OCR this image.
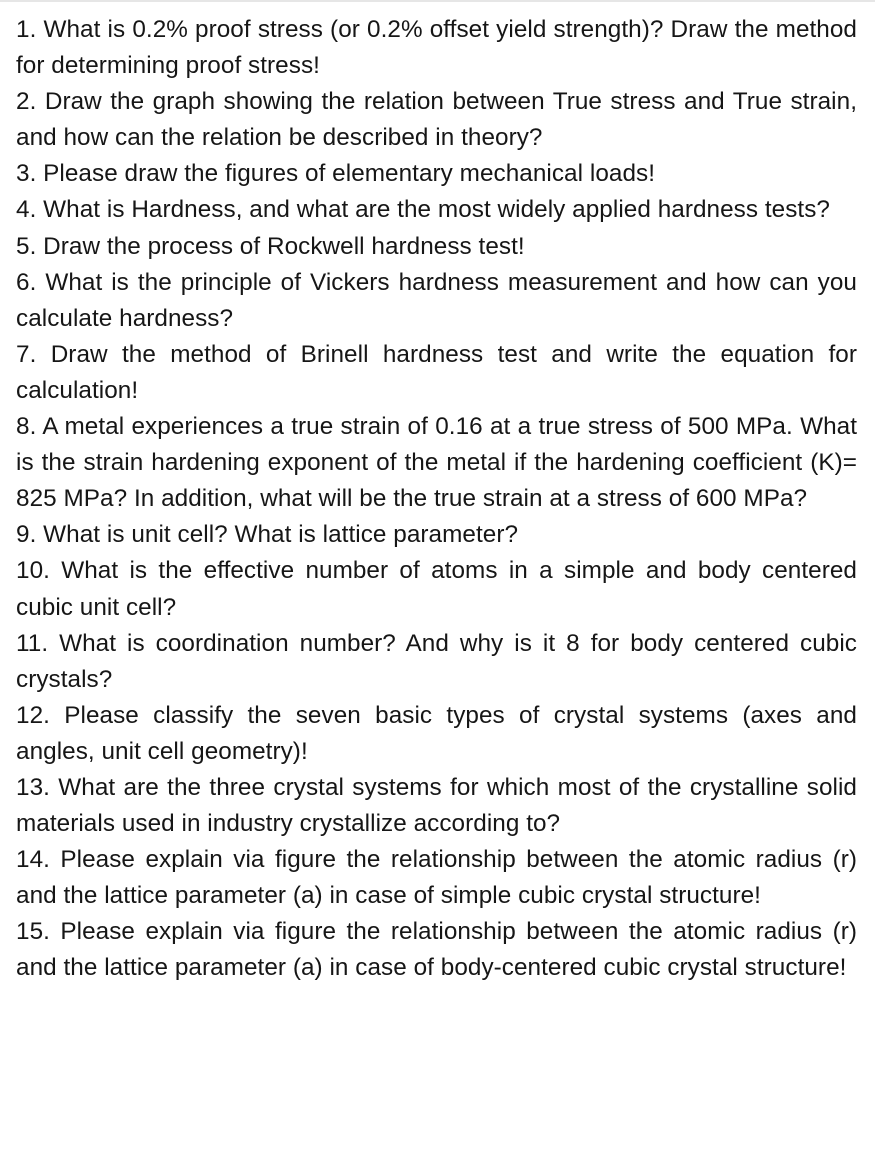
1. What is 0.2% proof stress (or 0.2% offset yield strength)? Draw the method for determining proof stress!

2. Draw the graph showing the relation between True stress and True strain, and how can the relation be described in theory?

3. Please draw the figures of elementary mechanical loads!

4. What is Hardness, and what are the most widely applied hardness tests?

5. Draw the process of Rockwell hardness test!

6. What is the principle of Vickers hardness measurement and how can you calculate hardness?

7. Draw the method of Brinell hardness test and write the equation for calculation!

8. A metal experiences a true strain of 0.16 at a true stress of 500 MPa. What is the strain hardening exponent of the metal if the hardening coefficient (K)= 825 MPa? In addition, what will be the true strain at a stress of 600 MPa?

9. What is unit cell? What is lattice parameter?

10. What is the effective number of atoms in a simple and body centered cubic unit cell?

11. What is coordination number? And why is it 8 for body centered cubic crystals?

12. Please classify the seven basic types of crystal systems (axes and angles, unit cell geometry)!

13. What are the three crystal systems for which most of the crystalline solid materials used in industry crystallize according to?

14. Please explain via figure the relationship between the atomic radius (r) and the lattice parameter (a) in case of simple cubic crystal structure!

15. Please explain via figure the relationship between the atomic radius (r) and the lattice parameter (a) in case of body-centered cubic crystal structure!
